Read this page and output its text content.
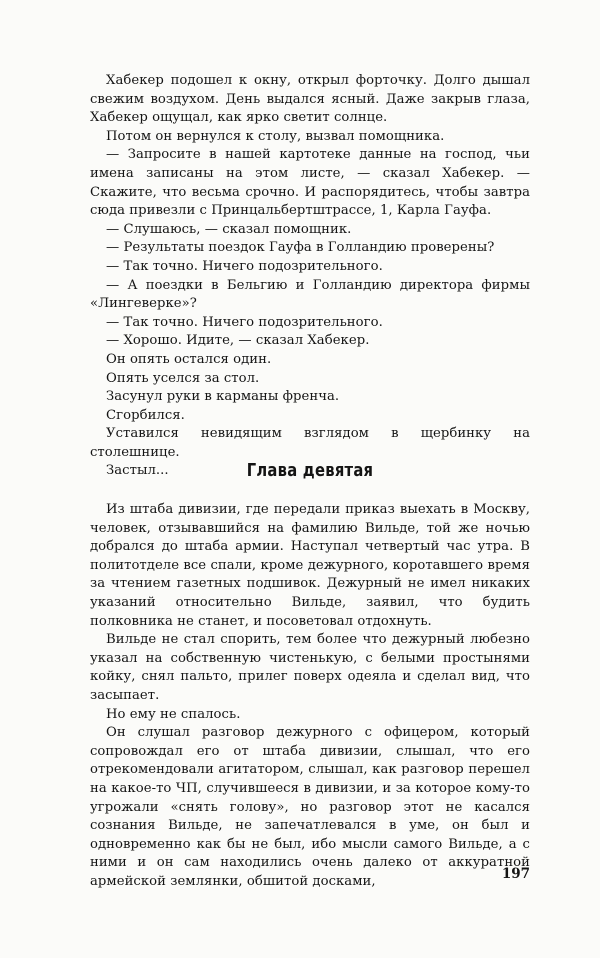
Хабекер подошел к окну, открыл форточку. Долго дышал свежим воздухом. День выдался ясный. Даже закрыв глаза, Хабекер ощущал, как ярко светит солнце.

Потом он вернулся к столу, вызвал помощника.

— Запросите в нашей картотеке данные на господ, чьи имена записаны на этом листе, — сказал Хабекер. — Скажите, что весьма срочно. И распорядитесь, чтобы завтра сюда привезли с Принцальбертштрассе, 1, Карла Гауфа.

— Слушаюсь, — сказал помощник.

— Результаты поездок Гауфа в Голландию проверены?

— Так точно. Ничего подозрительного.

— А поездки в Бельгию и Голландию директора фирмы «Лингеверке»?

— Так точно. Ничего подозрительного.

— Хорошо. Идите, — сказал Хабекер.

Он опять остался один.

Опять уселся за стол.

Засунул руки в карманы френча.

Сгорбился.

Уставился невидящим взглядом в щербинку на столешнице.

Застыл...	Глава девятая

Из штаба дивизии, где передали приказ выехать в Москву, человек, отзывавшийся на фамилию Вильде, той же ночью добрался до штаба армии. Наступал четвертый час утра. В политотделе все спали, кроме дежурного, коротавшего время за чтением газетных подшивок. Дежурный не имел никаких указаний относительно Вильде, заявил, что будить полковника не станет, и посоветовал отдохнуть.

Вильде не стал спорить, тем более что дежурный любезно указал на собственную чистенькую, с белыми простынями койку, снял пальто, прилег поверх одеяла и сделал вид, что засыпает.

Но ему не спалось.

Он слушал разговор дежурного с офицером, который сопровождал его от штаба дивизии, слышал, что его отрекомендовали агитатором, слышал, как разговор перешел на какое-то ЧП, случившееся в дивизии, и за которое кому-то угрожали «снять голову», но разговор этот не касался сознания Вильде, не запечатлевался в уме, он был и одновременно как бы не был, ибо мысли самого Вильде, а с ними и он сам находились очень далеко от аккуратной армейской землянки, обшитой досками,	197
